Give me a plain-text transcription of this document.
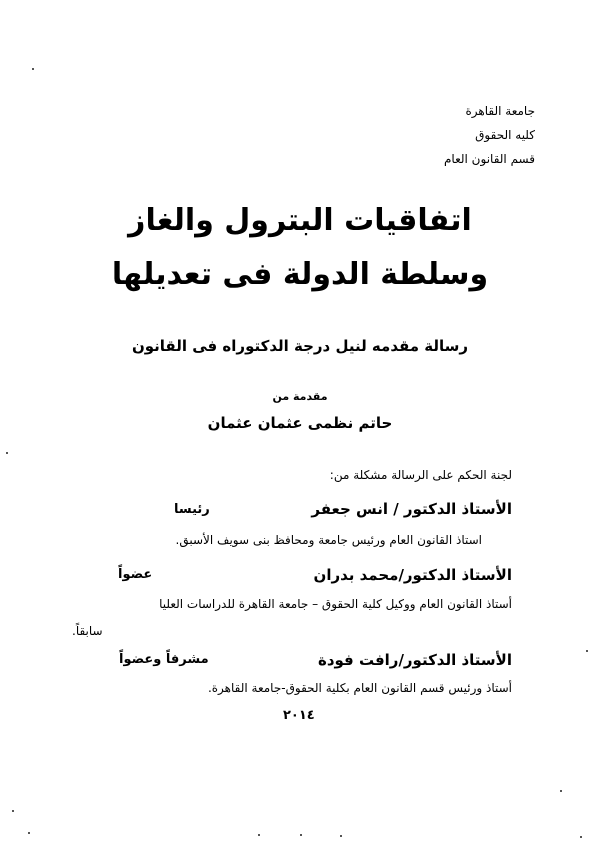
جامعة القاهرة
كليه الحقوق
قسم القانون العام
اتفاقيات البترول والغاز
وسلطة الدولة فى تعديلها
رسالة مقدمه لنيل درجة الدكتوراه فى القانون
مقدمة من
حاتم نظمى عثمان عثمان
لجنة الحكم على الرسالة مشكلة من:
الأستاذ الدكتور / انس جعفر
رئيسا
استاذ القانون العام ورئيس جامعة ومحافظ بنى سويف الأسبق.
الأستاذ الدكتور/محمد بدران
عضواً
أستاذ القانون العام ووكيل كلية الحقوق – جامعة القاهرة للدراسات العليا
سابقاً.
الأستاذ الدكتور/رافت فودة
مشرفاً وعضواً
أستاذ ورئيس قسم القانون العام بكلية الحقوق-جامعة القاهرة.
٢٠١٤
